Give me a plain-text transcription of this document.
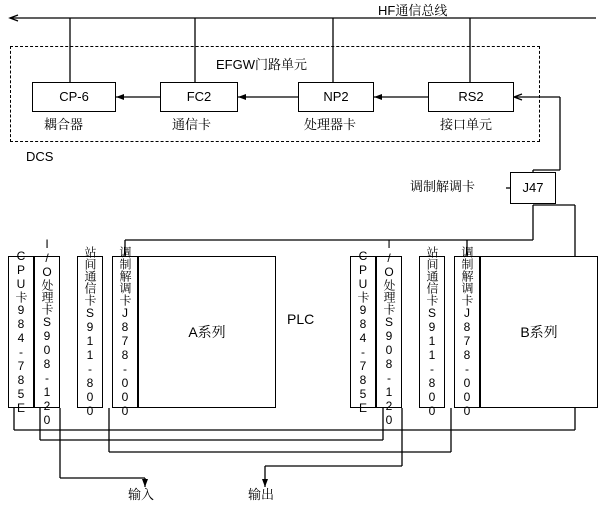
HF通信总线
EFGW门路单元
DCS
调制解调卡
PLC
输入	输出
CP-6	FC2	NP2	RS2
耦合器	通信卡	处理器卡	接口单元
J47
CPU卡984-785E I/O处理卡S908-120 站间通信卡S911-800 调制解调卡J878-000	A系列	CPU卡984-785E I/O处理卡S908-120 站间通信卡S911-800 调制解调卡J878-000	B系列
